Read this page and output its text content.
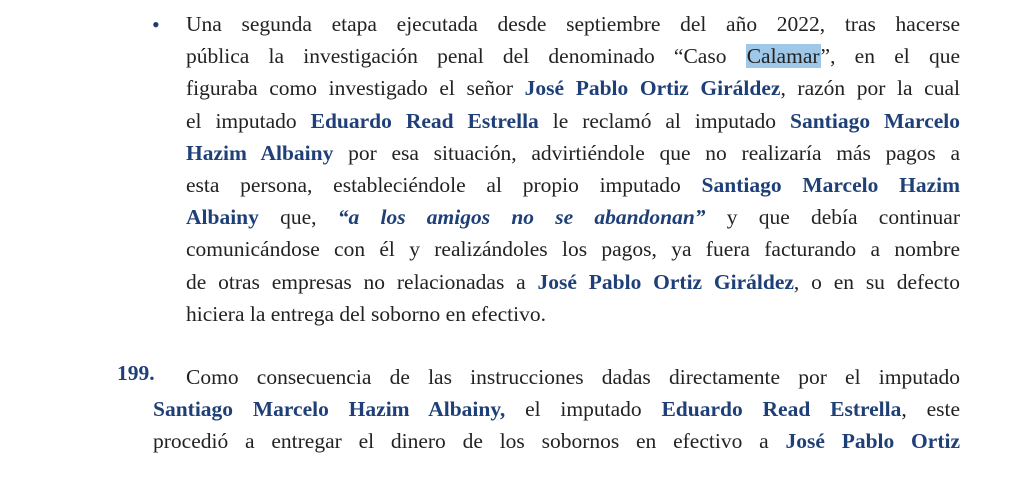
• Una segunda etapa ejecutada desde septiembre del año 2022, tras hacerse
pública la investigación penal del denominado “Caso Calamar”, en el que
figuraba como investigado el señor José Pablo Ortiz Giráldez, razón por la cual
el imputado Eduardo Read Estrella le reclamó al imputado Santiago Marcelo
Hazim Albainy por esa situación, advirtiéndole que no realizaría más pagos a
esta persona, estableciéndole al propio imputado Santiago Marcelo Hazim
Albainy que, “a los amigos no se abandonan” y que debía continuar
comunicándose con él y realizándoles los pagos, ya fuera facturando a nombre
de otras empresas no relacionadas a José Pablo Ortiz Giráldez, o en su defecto
hiciera la entrega del soborno en efectivo.
199. Como consecuencia de las instrucciones dadas directamente por el imputado
Santiago Marcelo Hazim Albainy, el imputado Eduardo Read Estrella, este
procedió a entregar el dinero de los sobornos en efectivo a José Pablo Ortiz
